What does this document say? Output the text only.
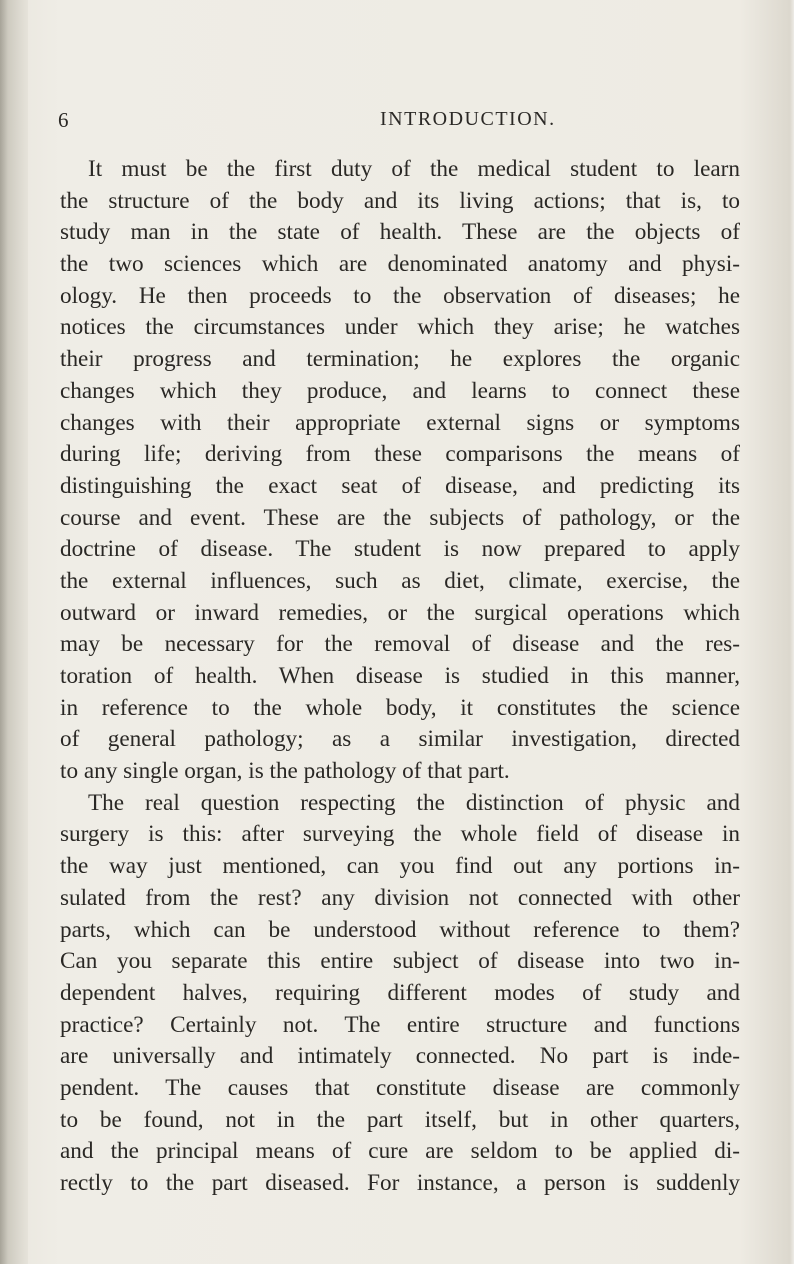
6	INTRODUCTION.
It must be the first duty of the medical student to learn
the structure of the body and its living actions; that is, to
study man in the state of health. These are the objects of
the two sciences which are denominated anatomy and physi-
ology. He then proceeds to the observation of diseases; he
notices the circumstances under which they arise; he watches
their progress and termination; he explores the organic
changes which they produce, and learns to connect these
changes with their appropriate external signs or symptoms
during life; deriving from these comparisons the means of
distinguishing the exact seat of disease, and predicting its
course and event. These are the subjects of pathology, or the
doctrine of disease. The student is now prepared to apply
the external influences, such as diet, climate, exercise, the
outward or inward remedies, or the surgical operations which
may be necessary for the removal of disease and the res-
toration of health. When disease is studied in this manner,
in reference to the whole body, it constitutes the science
of general pathology; as a similar investigation, directed
to any single organ, is the pathology of that part.
The real question respecting the distinction of physic and
surgery is this: after surveying the whole field of disease in
the way just mentioned, can you find out any portions in-
sulated from the rest? any division not connected with other
parts, which can be understood without reference to them?
Can you separate this entire subject of disease into two in-
dependent halves, requiring different modes of study and
practice? Certainly not. The entire structure and functions
are universally and intimately connected. No part is inde-
pendent. The causes that constitute disease are commonly
to be found, not in the part itself, but in other quarters,
and the principal means of cure are seldom to be applied di-
rectly to the part diseased. For instance, a person is suddenly
